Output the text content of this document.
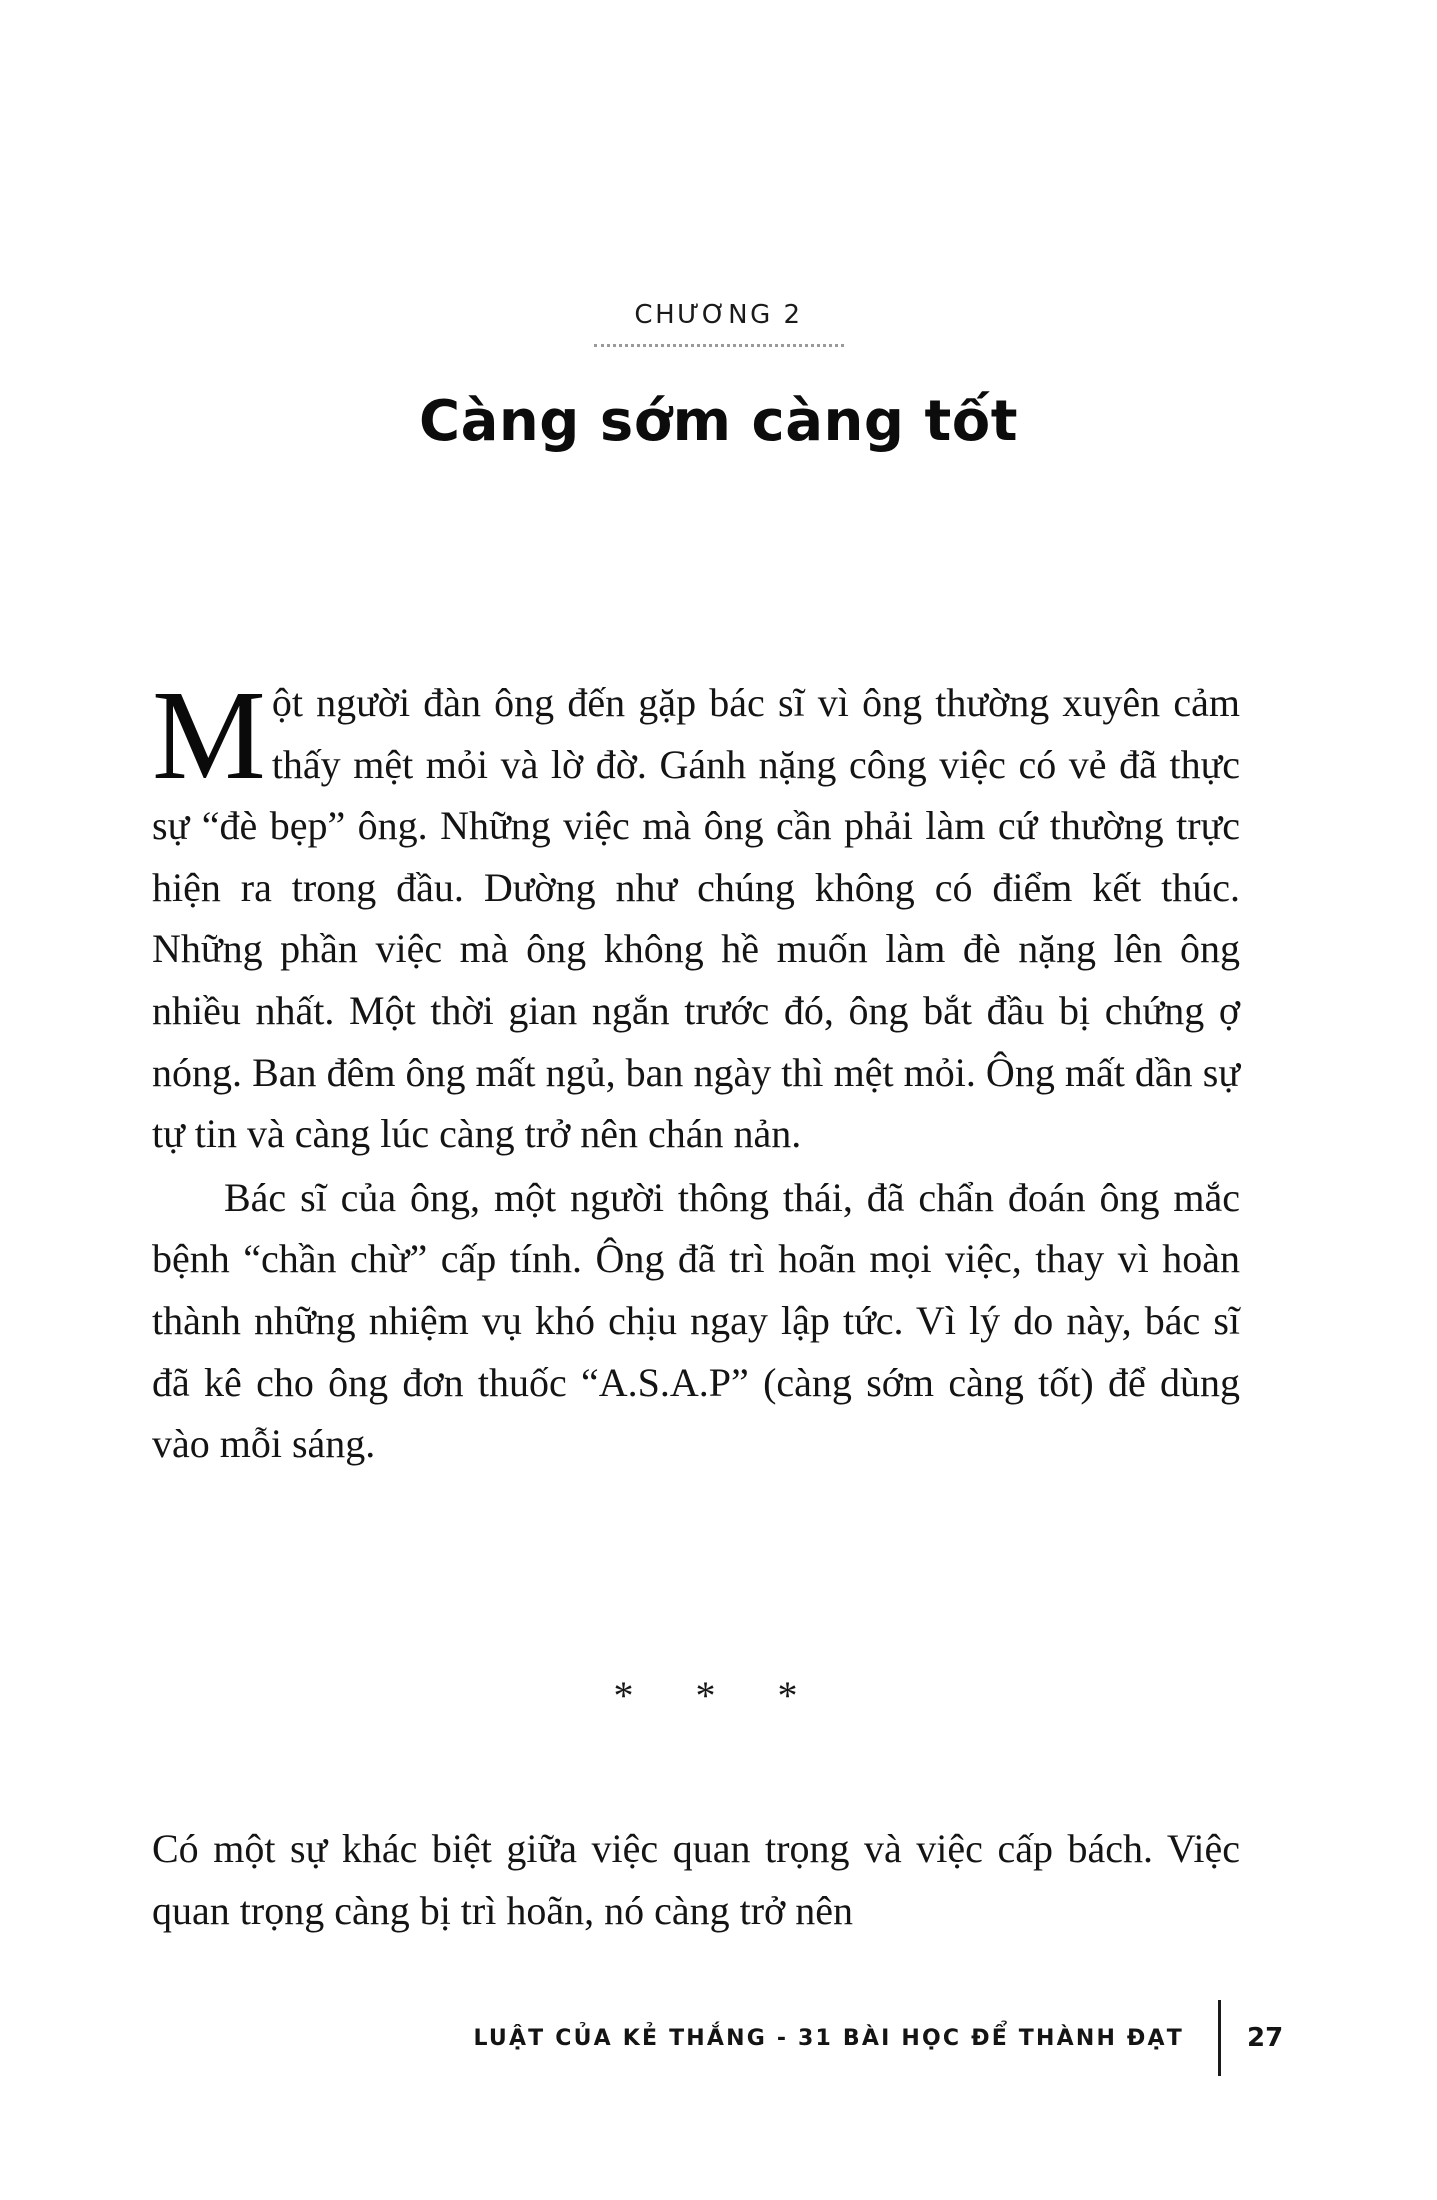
CHƯƠNG 2
Càng sớm càng tốt

Một người đàn ông đến gặp bác sĩ vì ông thường xuyên cảm thấy mệt mỏi và lờ đờ. Gánh nặng công việc có vẻ đã thực sự “đè bẹp” ông. Những việc mà ông cần phải làm cứ thường trực hiện ra trong đầu. Dường như chúng không có điểm kết thúc. Những phần việc mà ông không hề muốn làm đè nặng lên ông nhiều nhất. Một thời gian ngắn trước đó, ông bắt đầu bị chứng ợ nóng. Ban đêm ông mất ngủ, ban ngày thì mệt mỏi. Ông mất dần sự tự tin và càng lúc càng trở nên chán nản.

Bác sĩ của ông, một người thông thái, đã chẩn đoán ông mắc bệnh “chần chừ” cấp tính. Ông đã trì hoãn mọi việc, thay vì hoàn thành những nhiệm vụ khó chịu ngay lập tức. Vì lý do này, bác sĩ đã kê cho ông đơn thuốc “A.S.A.P” (càng sớm càng tốt) để dùng vào mỗi sáng.

* * *

Có một sự khác biệt giữa việc quan trọng và việc cấp bách. Việc quan trọng càng bị trì hoãn, nó càng trở nên

LUẬT CỦA KẺ THẮNG - 31 BÀI HỌC ĐỂ THÀNH ĐẠT 27
